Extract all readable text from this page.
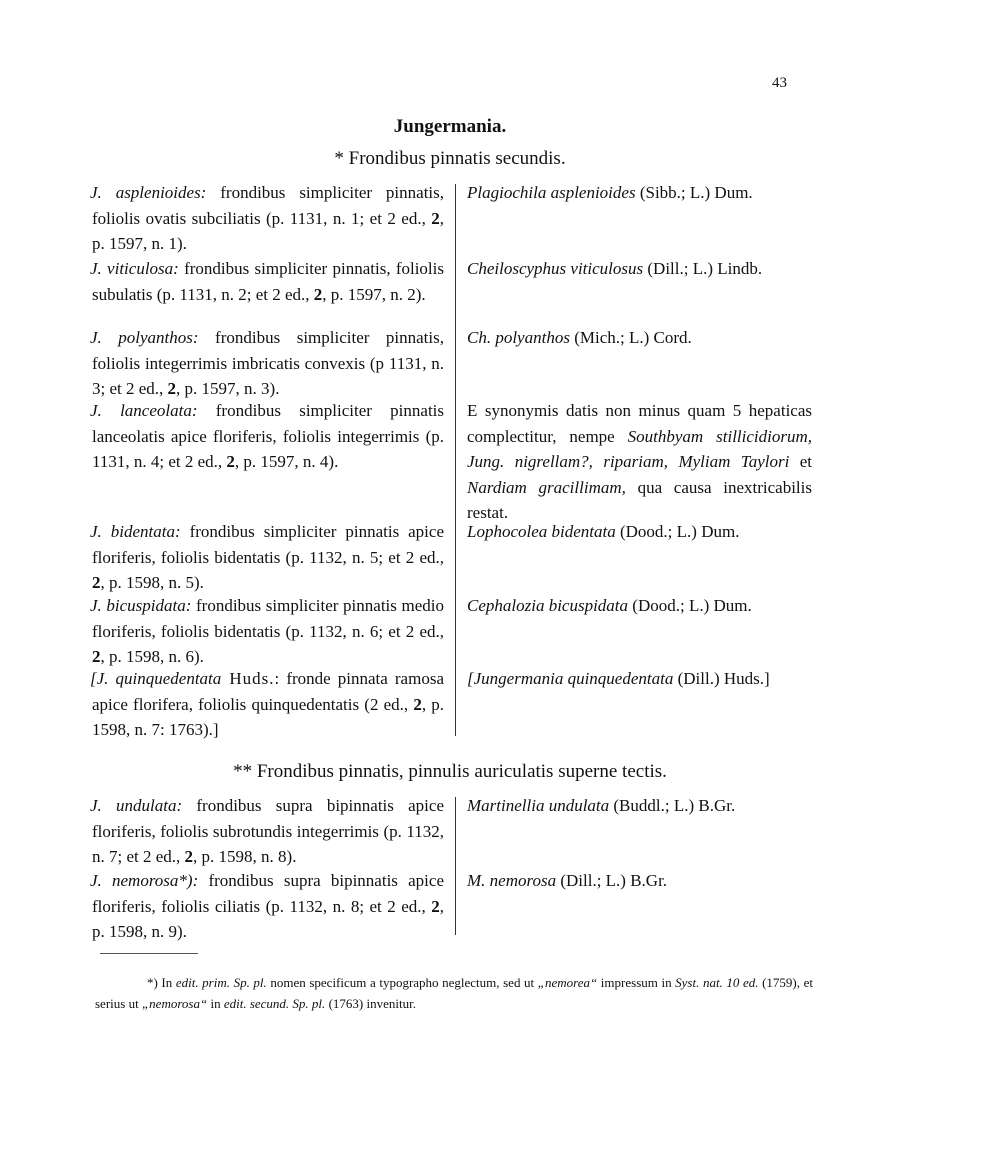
43
Jungermania.
* Frondibus pinnatis secundis.
J. asplenioides: frondibus simpliciter pinnatis, foliolis ovatis subciliatis (p. 1131, n. 1; et 2 ed., 2, p. 1597, n. 1).
Plagiochila asplenioides (Sibb.; L.) Dum.
J. viticulosa: frondibus simpliciter pinnatis, foliolis subulatis (p. 1131, n. 2; et 2 ed., 2, p. 1597, n. 2).
Cheiloscyphus viticulosus (Dill.; L.) Lindb.
J. polyanthos: frondibus simpliciter pinnatis, foliolis integerrimis imbricatis convexis (p 1131, n. 3; et 2 ed., 2, p. 1597, n. 3).
Ch. polyanthos (Mich.; L.) Cord.
J. lanceolata: frondibus simpliciter pinnatis lanceolatis apice floriferis, foliolis integerrimis (p. 1131, n. 4; et 2 ed., 2, p. 1597, n. 4).
E synonymis datis non minus quam 5 hepaticas complectitur, nempe Southbyam stillicidiorum, Jung. nigrellam?, ripariam, Myliam Taylori et Nardiam gracillimam, qua causa inextricabilis restat.
J. bidentata: frondibus simpliciter pinnatis apice floriferis, foliolis bidentatis (p. 1132, n. 5; et 2 ed., 2, p. 1598, n. 5).
Lophocolea bidentata (Dood.; L.) Dum.
J. bicuspidata: frondibus simpliciter pinnatis medio floriferis, foliolis bidentatis (p. 1132, n. 6; et 2 ed., 2, p. 1598, n. 6).
Cephalozia bicuspidata (Dood.; L.) Dum.
[J. quinquedentata Huds.: fronde pinnata ramosa apice florifera, foliolis quinquedentatis (2 ed., 2, p. 1598, n. 7: 1763).]
[Jungermania quinquedentata (Dill.) Huds.]
** Frondibus pinnatis, pinnulis auriculatis superne tectis.
J. undulata: frondibus supra bipinnatis apice floriferis, foliolis subrotundis integerrimis (p. 1132, n. 7; et 2 ed., 2, p. 1598, n. 8).
Martinellia undulata (Buddl.; L.) B.Gr.
J. nemorosa*): frondibus supra bipinnatis apice floriferis, foliolis ciliatis (p. 1132, n. 8; et 2 ed., 2, p. 1598, n. 9).
M. nemorosa (Dill.; L.) B.Gr.
*) In edit. prim. Sp. pl. nomen specificum a typographo neglectum, sed ut „nemorea“ impressum in Syst. nat. 10 ed. (1759), et serius ut „nemorosa“ in edit. secund. Sp. pl. (1763) invenitur.
